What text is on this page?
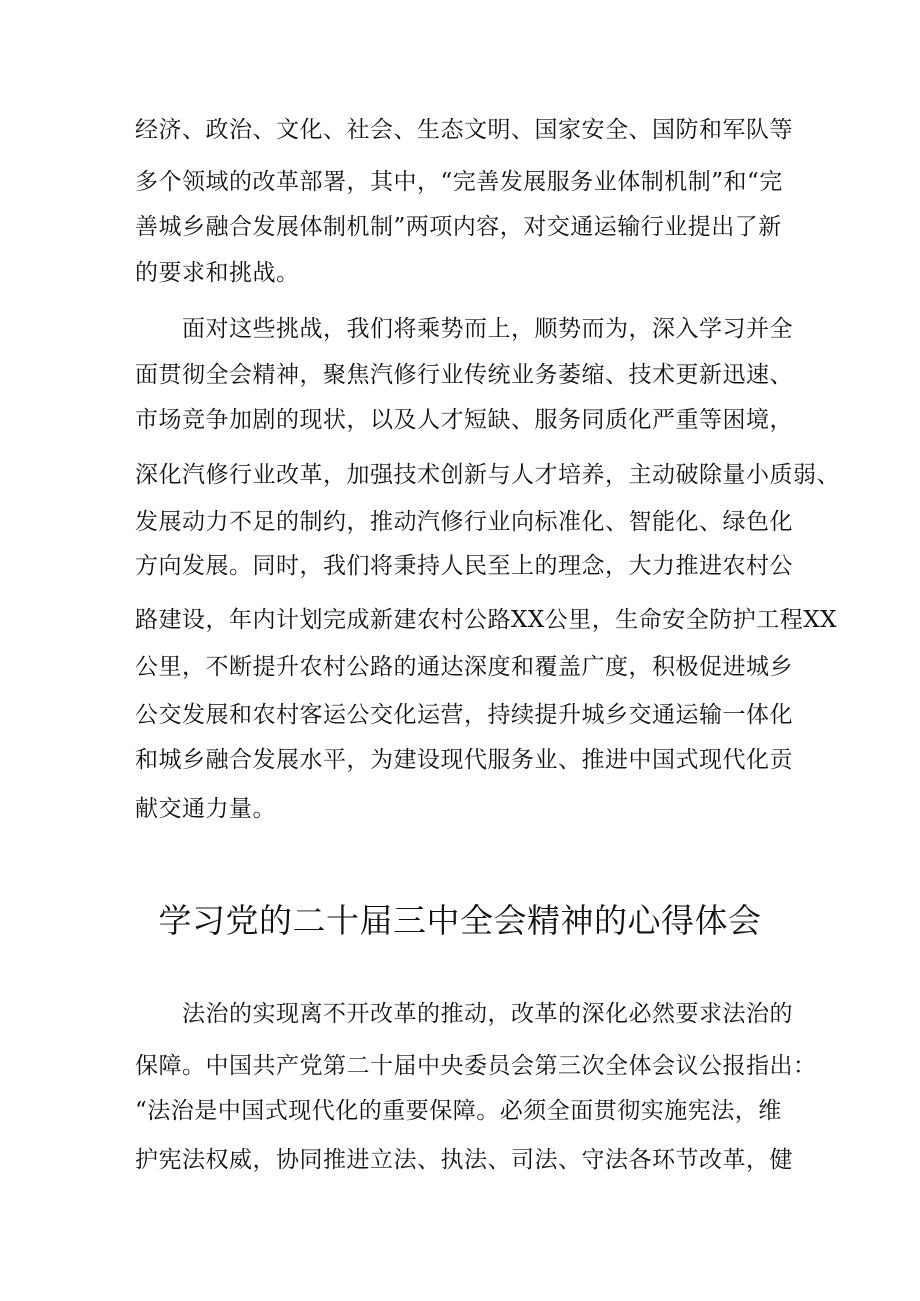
经济、政治、文化、社会、生态文明、国家安全、国防和军队等

多个领域的改革部署，其中，“完善发展服务业体制机制”和“完

善城乡融合发展体制机制”两项内容，对交通运输行业提出了新

的要求和挑战。

面对这些挑战，我们将乘势而上，顺势而为，深入学习并全

面贯彻全会精神，聚焦汽修行业传统业务萎缩、技术更新迅速、

市场竞争加剧的现状，以及人才短缺、服务同质化严重等困境，

深化汽修行业改革，加强技术创新与人才培养，主动破除量小质弱、

发展动力不足的制约，推动汽修行业向标准化、智能化、绿色化

方向发展。同时，我们将秉持人民至上的理念，大力推进农村公

路建设，年内计划完成新建农村公路XX公里，生命安全防护工程XX

公里，不断提升农村公路的通达深度和覆盖广度，积极促进城乡

公交发展和农村客运公交化运营，持续提升城乡交通运输一体化

和城乡融合发展水平，为建设现代服务业、推进中国式现代化贡

献交通力量。

学习党的二十届三中全会精神的心得体会

法治的实现离不开改革的推动，改革的深化必然要求法治的

保障。中国共产党第二十届中央委员会第三次全体会议公报指出：

“法治是中国式现代化的重要保障。必须全面贯彻实施宪法，维

护宪法权威，协同推进立法、执法、司法、守法各环节改革，健
